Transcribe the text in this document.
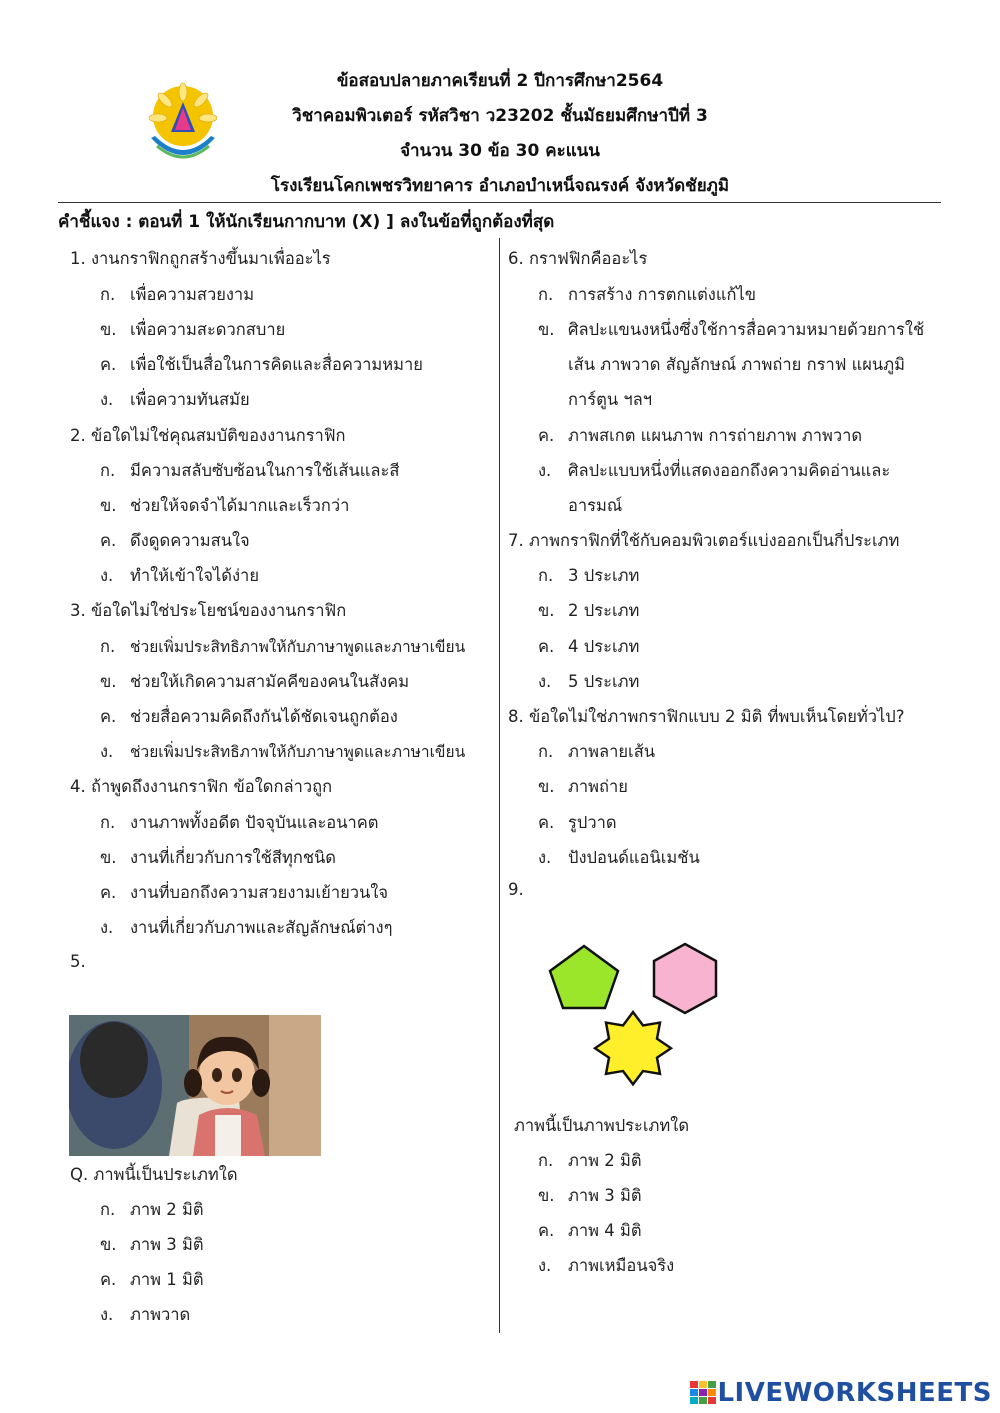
ข้อสอบปลายภาคเรียนที่ 2 ปีการศึกษา2564
วิชาคอมพิวเตอร์ รหัสวิชา ว23202 ชั้นมัธยมศึกษาปีที่ 3
จำนวน 30 ข้อ 30 คะแนน
โรงเรียนโคกเพชรวิทยาคาร อำเภอบำเหน็จณรงค์ จังหวัดชัยภูมิ
คำชี้แจง : ตอนที่ 1 ให้นักเรียนกากบาท (X) ] ลงในข้อที่ถูกต้องที่สุด
1. งานกราฟิกถูกสร้างขึ้นมาเพื่ออะไร
ก. เพื่อความสวยงาม
ข. เพื่อความสะดวกสบาย
ค. เพื่อใช้เป็นสื่อในการคิดและสื่อความหมาย
ง. เพื่อความทันสมัย
2. ข้อใดไม่ใช่คุณสมบัติของงานกราฟิก
ก. มีความสลับซับซ้อนในการใช้เส้นและสี
ข. ช่วยให้จดจำได้มากและเร็วกว่า
ค. ดึงดูดความสนใจ
ง. ทำให้เข้าใจได้ง่าย
3. ข้อใดไม่ใช่ประโยชน์ของงานกราฟิก
ก. ช่วยเพิ่มประสิทธิภาพให้กับภาษาพูดและภาษาเขียน
ข. ช่วยให้เกิดความสามัคคีของคนในสังคม
ค. ช่วยสื่อความคิดถึงกันได้ชัดเจนถูกต้อง
ง. ช่วยเพิ่มประสิทธิภาพให้กับภาษาพูดและภาษาเขียน
4. ถ้าพูดถึงงานกราฟิก ข้อใดกล่าวถูก
ก. งานภาพทั้งอดีต ปัจจุบันและอนาคต
ข. งานที่เกี่ยวกับการใช้สีทุกชนิด
ค. งานที่บอกถึงความสวยงามเย้ายวนใจ
ง. งานที่เกี่ยวกับภาพและสัญลักษณ์ต่างๆ
5.
Q. ภาพนี้เป็นประเภทใด
ก. ภาพ 2 มิติ
ข. ภาพ 3 มิติ
ค. ภาพ 1 มิติ
ง. ภาพวาด
6. กราฟฟิกคืออะไร
ก. การสร้าง การตกแต่งแก้ไข
ข. ศิลปะแขนงหนึ่งซึ่งใช้การสื่อความหมายด้วยการใช้
เส้น ภาพวาด สัญลักษณ์ ภาพถ่าย กราฟ แผนภูมิ
การ์ตูน ฯลฯ
ค. ภาพสเกต แผนภาพ การถ่ายภาพ ภาพวาด
ง. ศิลปะแบบหนึ่งที่แสดงออกถึงความคิดอ่านและ
อารมณ์
7. ภาพกราฟิกที่ใช้กับคอมพิวเตอร์แบ่งออกเป็นกี่ประเภท
ก. 3 ประเภท
ข. 2 ประเภท
ค. 4 ประเภท
ง. 5 ประเภท
8. ข้อใดไม่ใช่ภาพกราฟิกแบบ 2 มิติ ที่พบเห็นโดยทั่วไป?
ก. ภาพลายเส้น
ข. ภาพถ่าย
ค. รูปวาด
ง. ปังปอนด์แอนิเมชัน
9.
ภาพนี้เป็นภาพประเภทใด
ก. ภาพ 2 มิติ
ข. ภาพ 3 มิติ
ค. ภาพ 4 มิติ
ง. ภาพเหมือนจริง
LIVEWORKSHEETS
